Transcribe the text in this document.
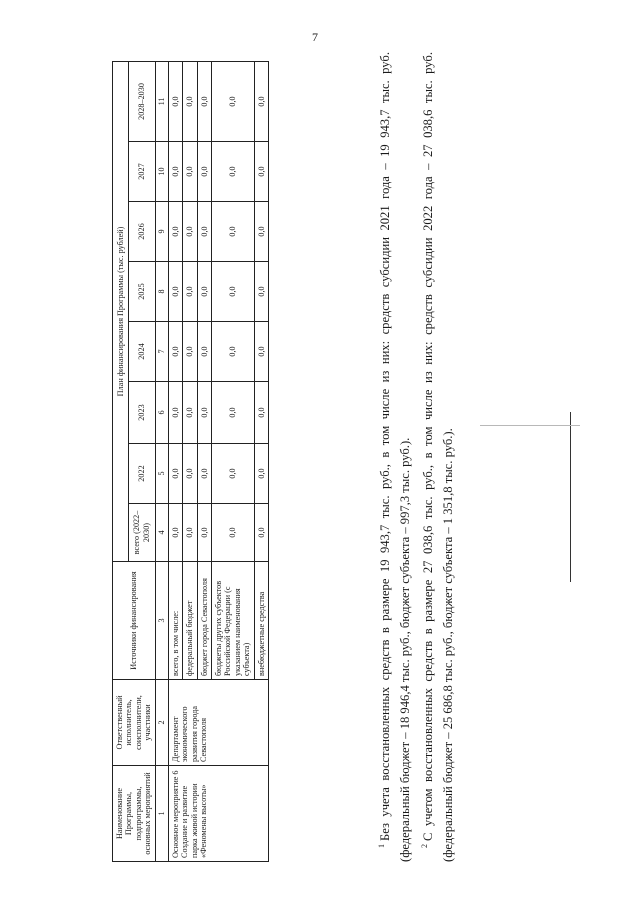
7
Наименование Программы, подпрограммы, основных мероприятий	Ответственный исполнитель, соисполнители, участники	Источники финансирования	План финансирования Программы (тыс. рублей)							
			всего (2022–2030)	2022	2023	2024	2025	2026	2027	2028–2030
1	2	3	4	5	6	7	8	9	10	11
Основное мероприятие 6 Создание и развитие парка живой истории «Феномены высоты»	Департамент экономического развития города Севастополя	всего, в том числе:	0,0	0,0	0,0	0,0	0,0	0,0	0,0	0,0
		федеральный бюджет	0,0	0,0	0,0	0,0	0,0	0,0	0,0	0,0
		бюджет города Севастополя	0,0	0,0	0,0	0,0	0,0	0,0	0,0	0,0
		бюджеты других субъектов Российской Федерации (с указанием наименования субъекта)	0,0	0,0	0,0	0,0	0,0	0,0	0,0	0,0
		внебюджетные средства	0,0	0,0	0,0	0,0	0,0	0,0	0,0	0,0

$^1$Без учета восстановленных средств в размере 19 943,7 тыс. руб., в том числе из них: средств субсидии 2021 года – 19 943,7 тыс. руб. (федеральный бюджет – 18 946,4 тыс. руб., бюджет субъекта – 997,3 тыс. руб.).	$^2$С учетом восстановленных средств в размере 27 038,6 тыс. руб., в том числе из них: средств субсидии 2022 года – 27 038,6 тыс. руб. (федеральный бюджет – 25 686,8 тыс. руб., бюджет субъекта – 1 351,8 тыс. руб.).
